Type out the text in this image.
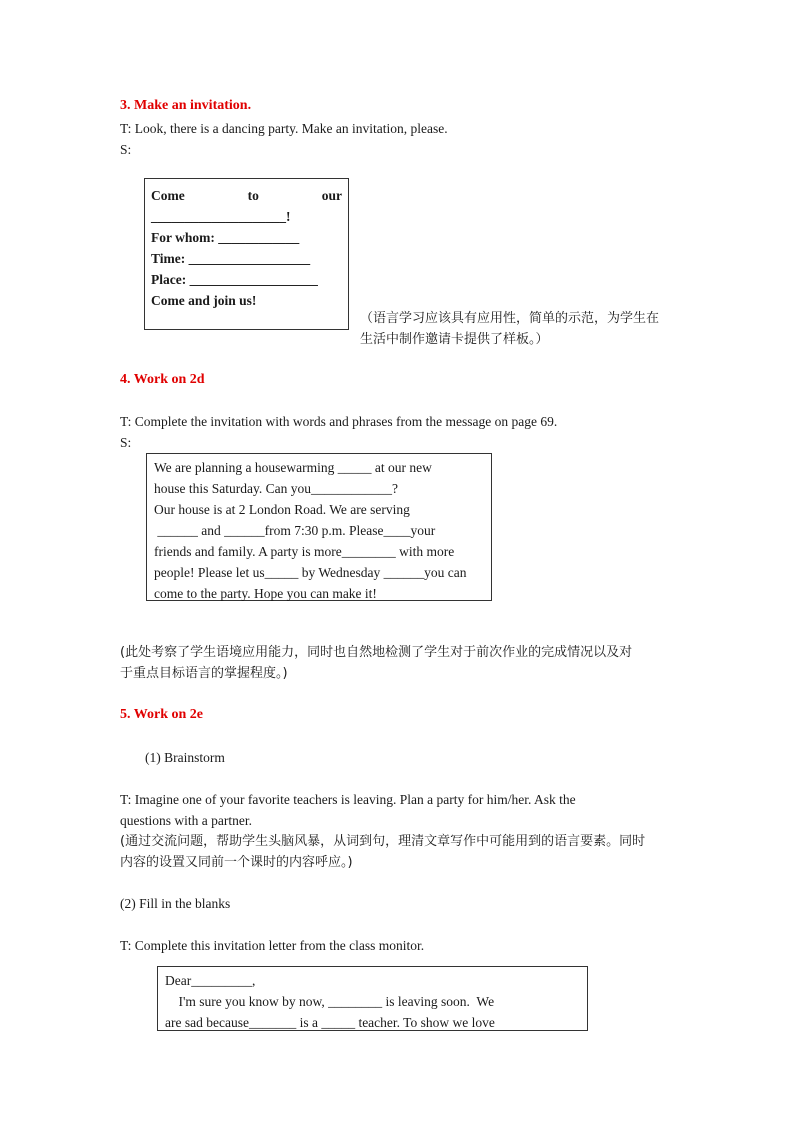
3. Make an invitation.
T: Look, there is a dancing party. Make an invitation, please.
S:
Come	to	our
____________________!
For whom: ____________
Time: __________________
Place: ___________________
Come and join us!
（语言学习应该具有应用性，简单的示范，为学生在
生活中制作邀请卡提供了样板。）
4. Work on 2d
T: Complete the invitation with words and phrases from the message on page 69.
S:
We are planning a housewarming _____ at our new
house this Saturday. Can you____________?
Our house is at 2 London Road. We are serving
______ and ______from 7:30 p.m. Please____your
friends and family. A party is more________ with more
people! Please let us_____ by Wednesday ______you can
come to the party. Hope you can make it!
(此处考察了学生语境应用能力，同时也自然地检测了学生对于前次作业的完成情况以及对
于重点目标语言的掌握程度。)
5. Work on 2e
(1) Brainstorm
T: Imagine one of your favorite teachers is leaving. Plan a party for him/her. Ask the
questions with a partner.
(通过交流问题，帮助学生头脑风暴，从词到句，理清文章写作中可能用到的语言要素。同时
内容的设置又同前一个课时的内容呼应。)
(2) Fill in the blanks
T: Complete this invitation letter from the class monitor.
Dear_________,
I'm sure you know by now, ________ is leaving soon.  We
are sad because_______ is a _____ teacher. To show we love
